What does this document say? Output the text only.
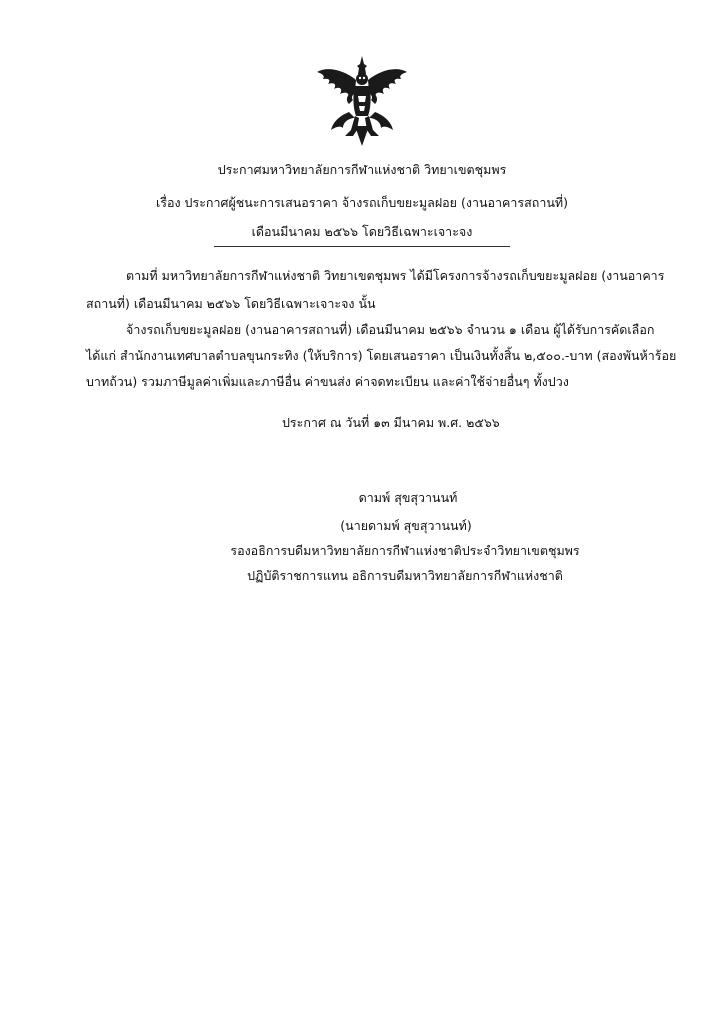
ประกาศมหาวิทยาลัยการกีฬาแห่งชาติ วิทยาเขตชุมพร
เรื่อง ประกาศผู้ชนะการเสนอราคา จ้างรถเก็บขยะมูลฝอย (งานอาคารสถานที่)
เดือนมีนาคม ๒๕๖๖ โดยวิธีเฉพาะเจาะจง
ตามที่ มหาวิทยาลัยการกีฬาแห่งชาติ วิทยาเขตชุมพร ได้มีโครงการจ้างรถเก็บขยะมูลฝอย (งานอาคาร
สถานที่) เดือนมีนาคม ๒๕๖๖ โดยวิธีเฉพาะเจาะจง นั้น
จ้างรถเก็บขยะมูลฝอย (งานอาคารสถานที่) เดือนมีนาคม ๒๕๖๖ จำนวน ๑ เดือน ผู้ได้รับการคัดเลือก
ได้แก่ สำนักงานเทศบาลตำบลขุนกระทิง (ให้บริการ) โดยเสนอราคา เป็นเงินทั้งสิ้น ๒,๕๐๐.-บาท (สองพันห้าร้อย
บาทถ้วน) รวมภาษีมูลค่าเพิ่มและภาษีอื่น ค่าขนส่ง ค่าจดทะเบียน และค่าใช้จ่ายอื่นๆ ทั้งปวง
ประกาศ ณ วันที่ ๑๓ มีนาคม พ.ศ. ๒๕๖๖
ดามพ์ สุขสุวานนท์
(นายดามพ์ สุขสุวานนท์)
รองอธิการบดีมหาวิทยาลัยการกีฬาแห่งชาติประจำวิทยาเขตชุมพร
ปฏิบัติราชการแทน อธิการบดีมหาวิทยาลัยการกีฬาแห่งชาติ
